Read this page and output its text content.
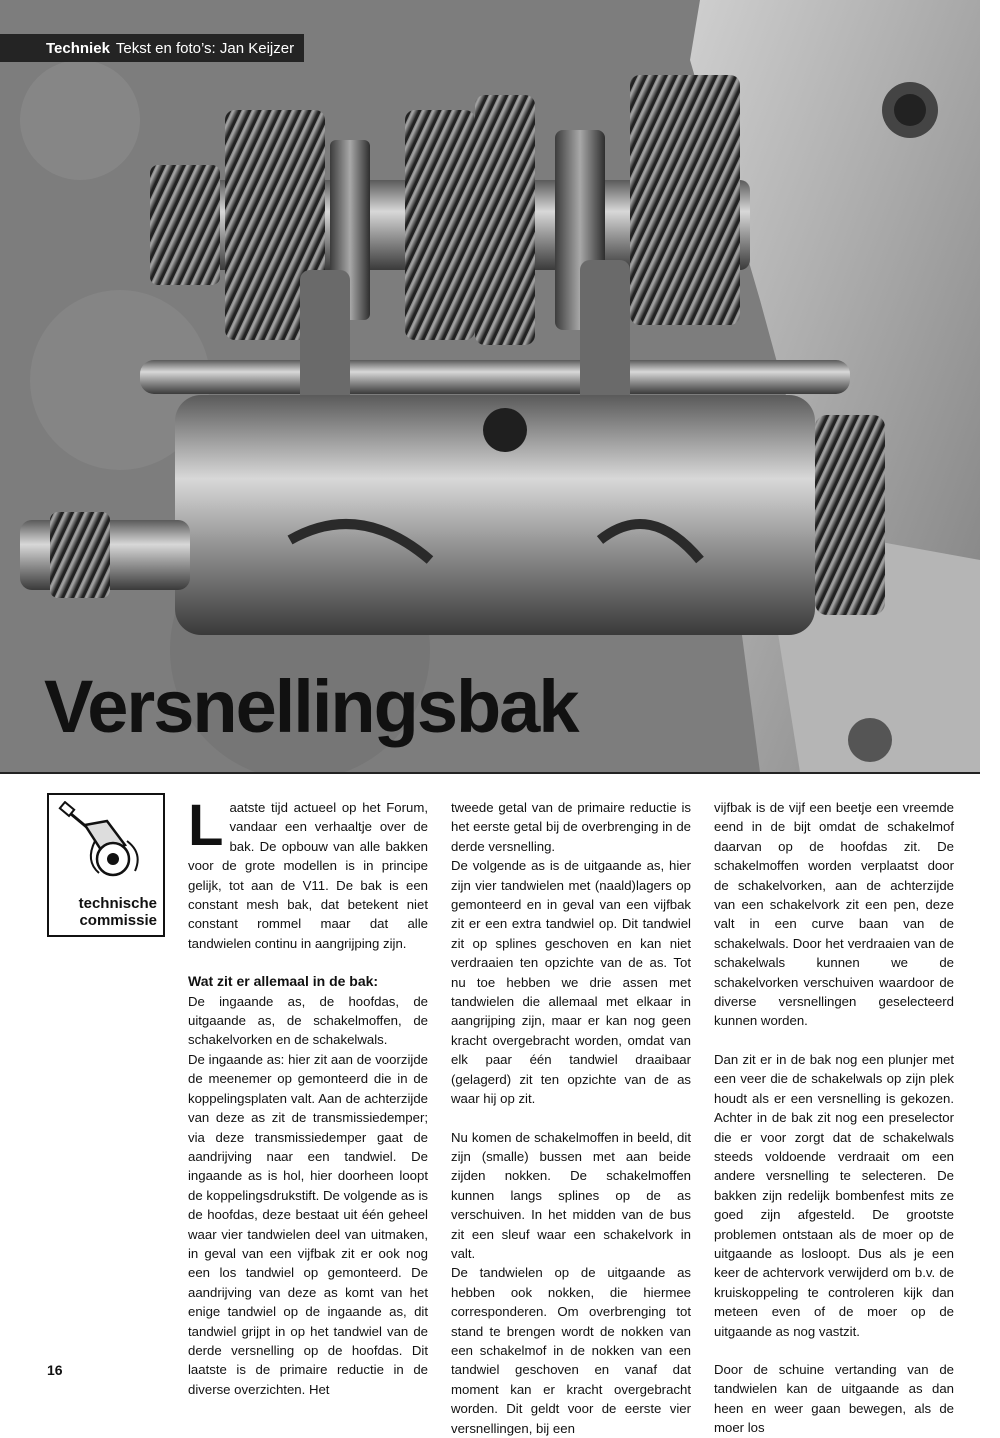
Techniek Tekst en foto’s: Jan Keijzer
Versnellingsbak
technische
commissie

Laatste tijd actueel op het Forum, vandaar een verhaaltje over de bak. De opbouw van alle bakken voor de grote modellen is in principe gelijk, tot aan de V11. De bak is een constant mesh bak, dat betekent niet constant rommel maar dat alle tandwielen continu in aangrijping zijn.

Wat zit er allemaal in de bak:

De ingaande as, de hoofdas, de uitgaande as, de schakelmoffen, de schakelvorken en de schakelwals.

De ingaande as: hier zit aan de voorzijde de meenemer op gemonteerd die in de koppelingsplaten valt. Aan de achterzijde van deze as zit de transmissiedemper; via deze transmissiedemper gaat de aandrijving naar een tandwiel. De ingaande as is hol, hier doorheen loopt de koppelingsdrukstift. De volgende as is de hoofdas, deze bestaat uit één geheel waar vier tandwielen deel van uitmaken, in geval van een vijfbak zit er ook nog een los tandwiel op gemonteerd. De aandrijving van deze as komt van het enige tandwiel op de ingaande as, dit tandwiel grijpt in op het tandwiel van de derde versnelling op de hoofdas. Dit laatste is de primaire reductie in de diverse overzichten. Het

tweede getal van de primaire reductie is het eerste getal bij de overbrenging in de derde versnelling.

De volgende as is de uitgaande as, hier zijn vier tandwielen met (naald)lagers op gemonteerd en in geval van een vijfbak zit er een extra tandwiel op. Dit tandwiel zit op splines geschoven en kan niet verdraaien ten opzichte van de as. Tot nu toe hebben we drie assen met tandwielen die allemaal met elkaar in aangrijping zijn, maar er kan nog geen kracht overgebracht worden, omdat van elk paar één tandwiel draaibaar (gelagerd) zit ten opzichte van de as waar hij op zit.

Nu komen de schakelmoffen in beeld, dit zijn (smalle) bussen met aan beide zijden nokken. De schakelmoffen kunnen langs splines op de as verschuiven. In het midden van de bus zit een sleuf waar een schakelvork in valt.

De tandwielen op de uitgaande as hebben ook nokken, die hiermee corresponderen. Om overbrenging tot stand te brengen wordt de nokken van een schakelmof in de nokken van een tandwiel geschoven en vanaf dat moment kan er kracht overgebracht worden. Dit geldt voor de eerste vier versnellingen, bij een

vijfbak is de vijf een beetje een vreemde eend in de bijt omdat de schakelmof daarvan op de hoofdas zit. De schakelmoffen worden verplaatst door de schakelvorken, aan de achterzijde van een schakelvork zit een pen, deze valt in een curve baan van de schakelwals. Door het verdraaien van de schakelwals kunnen we de schakelvorken verschuiven waardoor de diverse versnellingen geselecteerd kunnen worden.

Dan zit er in de bak nog een plunjer met een veer die de schakelwals op zijn plek houdt als er een versnelling is gekozen. Achter in de bak zit nog een preselector die er voor zorgt dat de schakelwals steeds voldoende verdraait om een andere versnelling te selecteren. De bakken zijn redelijk bombenfest mits ze goed zijn afgesteld. De grootste problemen ontstaan als de moer op de uitgaande as losloopt. Dus als je een keer de achtervork verwijderd om b.v. de kruiskoppeling te controleren kijk dan meteen even of de moer op de uitgaande as nog vastzit.

Door de schuine vertanding van de tandwielen kan de uitgaande as dan heen en weer gaan bewegen, als de moer los

16
